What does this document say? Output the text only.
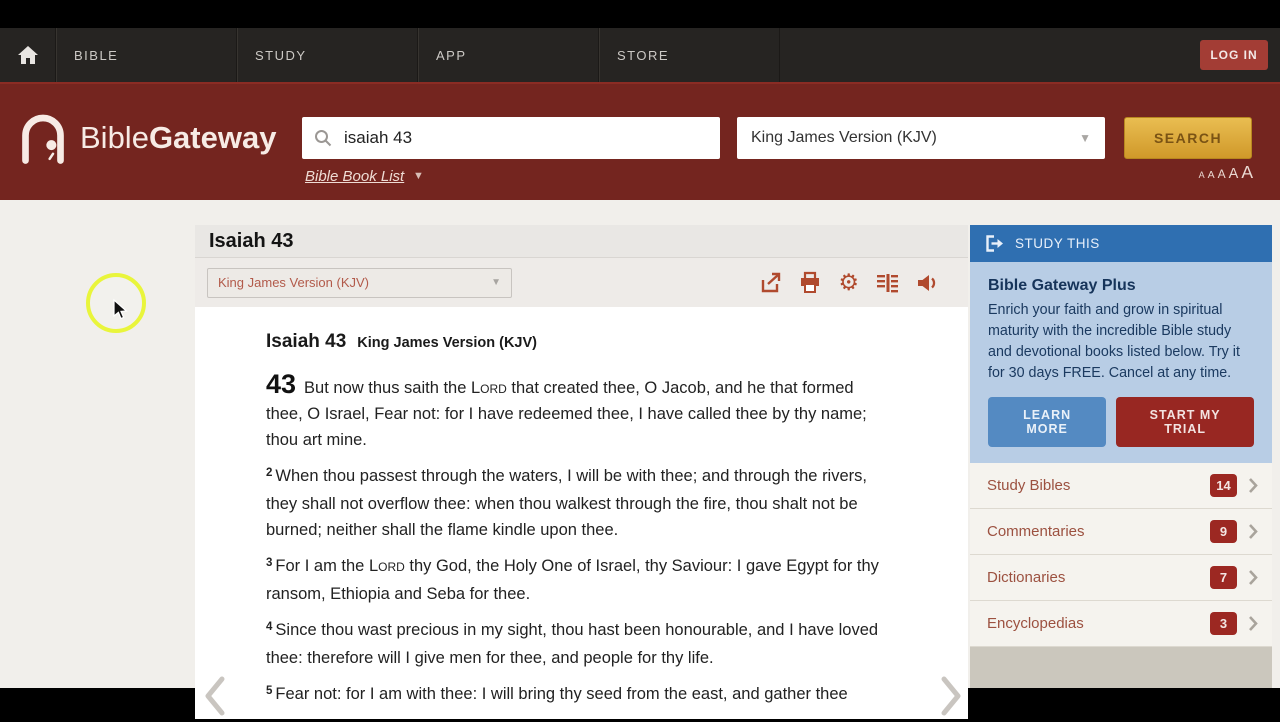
BIBLE	STUDY	APP	STORE	LOG IN
BibleGateway
isaiah 43
Bible Book List ▼
King James Version (KJV)	▼	SEARCH
A A A A A
Isaiah 43
King James Version (KJV)	▼	⚙
Isaiah 43 King James Version (KJV)

43 But now thus saith the Lord that created thee, O Jacob, and he that formed thee, O Israel, Fear not: for I have redeemed thee, I have called thee by thy name; thou art mine.

$^2$ When thou passest through the waters, I will be with thee; and through the rivers, they shall not overflow thee: when thou walkest through the fire, thou shalt not be burned; neither shall the flame kindle upon thee.

$^3$ For I am the Lord thy God, the Holy One of Israel, thy Saviour: I gave Egypt for thy ransom, Ethiopia and Seba for thee.

$^4$ Since thou wast precious in my sight, thou hast been honourable, and I have loved thee: therefore will I give men for thee, and people for thy life.

$^5$ Fear not: for I am with thee: I will bring thy seed from the east, and gather thee

STUDY THIS
Bible Gateway Plus
Enrich your faith and grow in spiritual maturity with the incredible Bible study and devotional books listed below. Try it for 30 days FREE. Cancel at any time.
LEARN MORE
START MY TRIAL
Study Bibles	14
Commentaries	9
Dictionaries	7
Encyclopedias	3
